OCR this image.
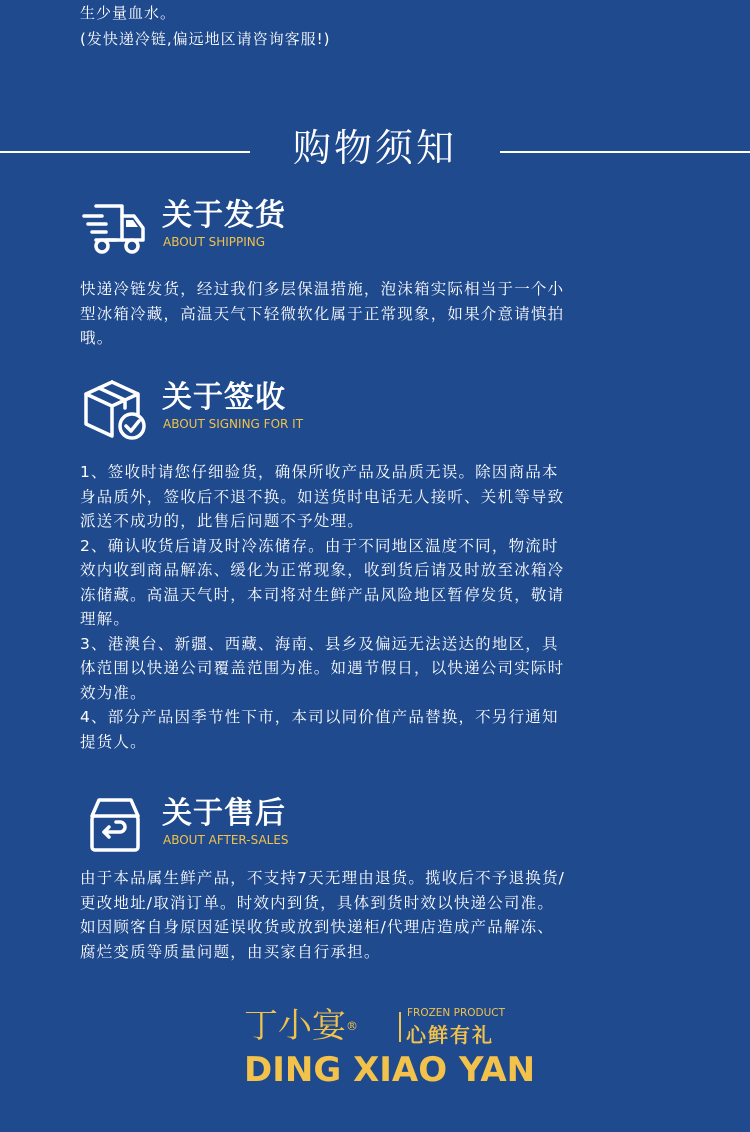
生少量血水。
(发快递冷链,偏远地区请咨询客服!)
购物须知
关于发货
ABOUT SHIPPING
快递冷链发货，经过我们多层保温措施，泡沫箱实际相当于一个小
型冰箱冷藏，高温天气下轻微软化属于正常现象，如果介意请慎拍
哦。
关于签收
ABOUT SIGNING FOR IT
1、签收时请您仔细验货，确保所收产品及品质无误。除因商品本
身品质外，签收后不退不换。如送货时电话无人接听、关机等导致
派送不成功的，此售后问题不予处理。
2、确认收货后请及时冷冻储存。由于不同地区温度不同，物流时
效内收到商品解冻、缓化为正常现象，收到货后请及时放至冰箱冷
冻储藏。高温天气时，本司将对生鲜产品风险地区暂停发货，敬请
理解。
3、港澳台、新疆、西藏、海南、县乡及偏远无法送达的地区，具
体范围以快递公司覆盖范围为准。如遇节假日，以快递公司实际时
效为准。
4、部分产品因季节性下市，本司以同价值产品替换，不另行通知
提货人。
关于售后
ABOUT AFTER-SALES
由于本品属生鲜产品，不支持7天无理由退货。揽收后不予退换货/
更改地址/取消订单。时效内到货，具体到货时效以快递公司准。
如因顾客自身原因延误收货或放到快递柜/代理店造成产品解冻、
腐烂变质等质量问题，由买家自行承担。
丁小宴®
FROZEN PRODUCT
心鲜有礼
DING XIAO YAN
